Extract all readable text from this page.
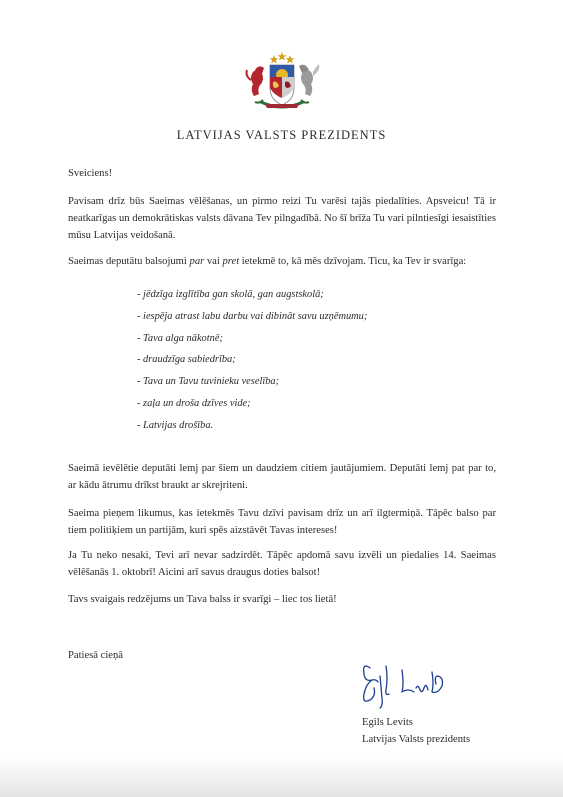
LATVIJAS VALSTS PREZIDENTS

Sveiciens!

Pavisam drīz būs Saeimas vēlēšanas, un pirmo reizi Tu varēsi tajās piedalīties. Apsveicu! Tā ir neatkarīgas un demokrātiskas valsts dāvana Tev pilngadībā. No šī brīža Tu vari pilntiesīgi iesaistīties mūsu Latvijas veidošanā.

Saeimas deputātu balsojumi par vai pret ietekmē to, kā mēs dzīvojam. Ticu, ka Tev ir svarīga:

- jēdzīga izglītība gan skolā, gan augstskolā;
- iespēja atrast labu darbu vai dibināt savu uzņēmumu;
- Tava alga nākotnē;
- draudzīga sabiedrība;
- Tava un Tavu tuvinieku veselība;
- zaļa un droša dzīves vide;
- Latvijas drošība.

Saeimā ievēlētie deputāti lemj par šiem un daudziem citiem jautājumiem. Deputāti lemj pat par to, ar kādu ātrumu drīkst braukt ar skrejriteni.

Saeima pieņem likumus, kas ietekmēs Tavu dzīvi pavisam drīz un arī ilgtermiņā. Tāpēc balso par tiem politiķiem un partijām, kuri spēs aizstāvēt Tavas intereses!

Ja Tu neko nesaki, Tevi arī nevar sadzirdēt. Tāpēc apdomā savu izvēli un piedalies 14. Saeimas vēlēšanās 1. oktobrī! Aicini arī savus draugus doties balsot!

Tavs svaigais redzējums un Tava balss ir svarīgi – liec tos lietā!

Patiesā cieņā
Egils Levits
Latvijas Valsts prezidents
